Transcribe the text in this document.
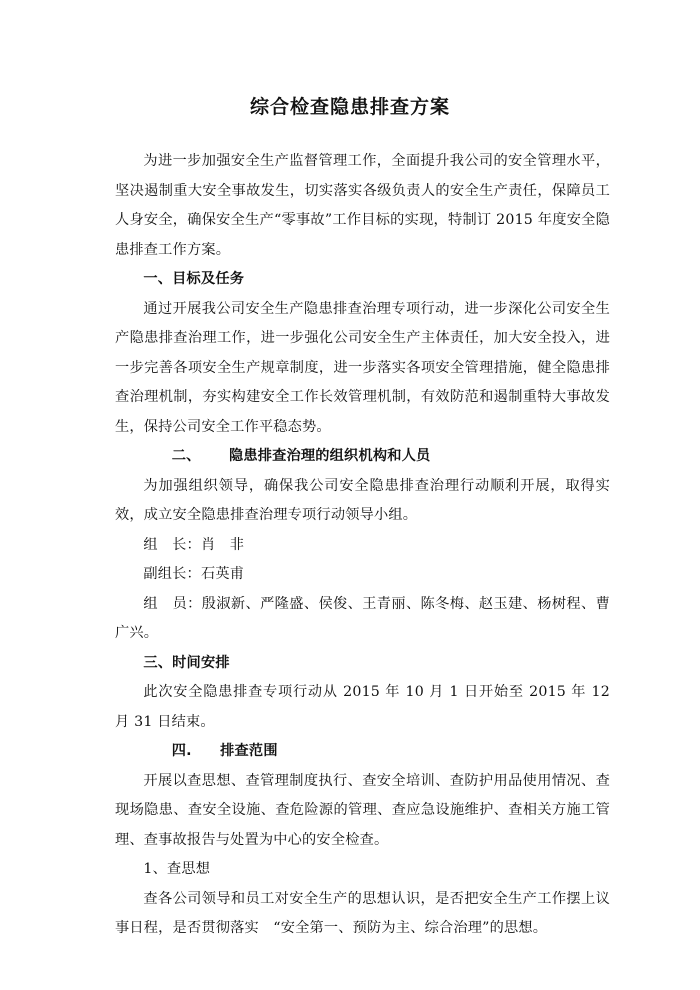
综合检查隐患排查方案

为进一步加强安全生产监督管理工作，全面提升我公司的安全管理水平，坚决遏制重大安全事故发生，切实落实各级负责人的安全生产责任，保障员工人身安全，确保安全生产“零事故”工作目标的实现，特制订 2015 年度安全隐患排查工作方案。

一、目标及任务

通过开展我公司安全生产隐患排查治理专项行动，进一步深化公司安全生产隐患排查治理工作，进一步强化公司安全生产主体责任，加大安全投入，进一步完善各项安全生产规章制度，进一步落实各项安全管理措施，健全隐患排查治理机制，夯实构建安全工作长效管理机制，有效防范和遏制重特大事故发生，保持公司安全工作平稳态势。

二、 隐患排查治理的组织机构和人员

为加强组织领导，确保我公司安全隐患排查治理行动顺利开展，取得实效，成立安全隐患排查治理专项行动领导小组。

组　长：肖　非

副组长：石英甫

组　员：殷淑新、严隆盛、侯俊、王青丽、陈冬梅、赵玉建、杨树程、曹广兴。

三、时间安排

此次安全隐患排查专项行动从 2015 年 10 月 1 日开始至 2015 年 12 月 31 日结束。

四. 排查范围

开展以查思想、查管理制度执行、查安全培训、查防护用品使用情况、查现场隐患、查安全设施、查危险源的管理、查应急设施维护、查相关方施工管理、查事故报告与处置为中心的安全检查。

1、查思想

查各公司领导和员工对安全生产的思想认识，是否把安全生产工作摆上议事日程，是否贯彻落实　“安全第一、预防为主、综合治理”的思想。
